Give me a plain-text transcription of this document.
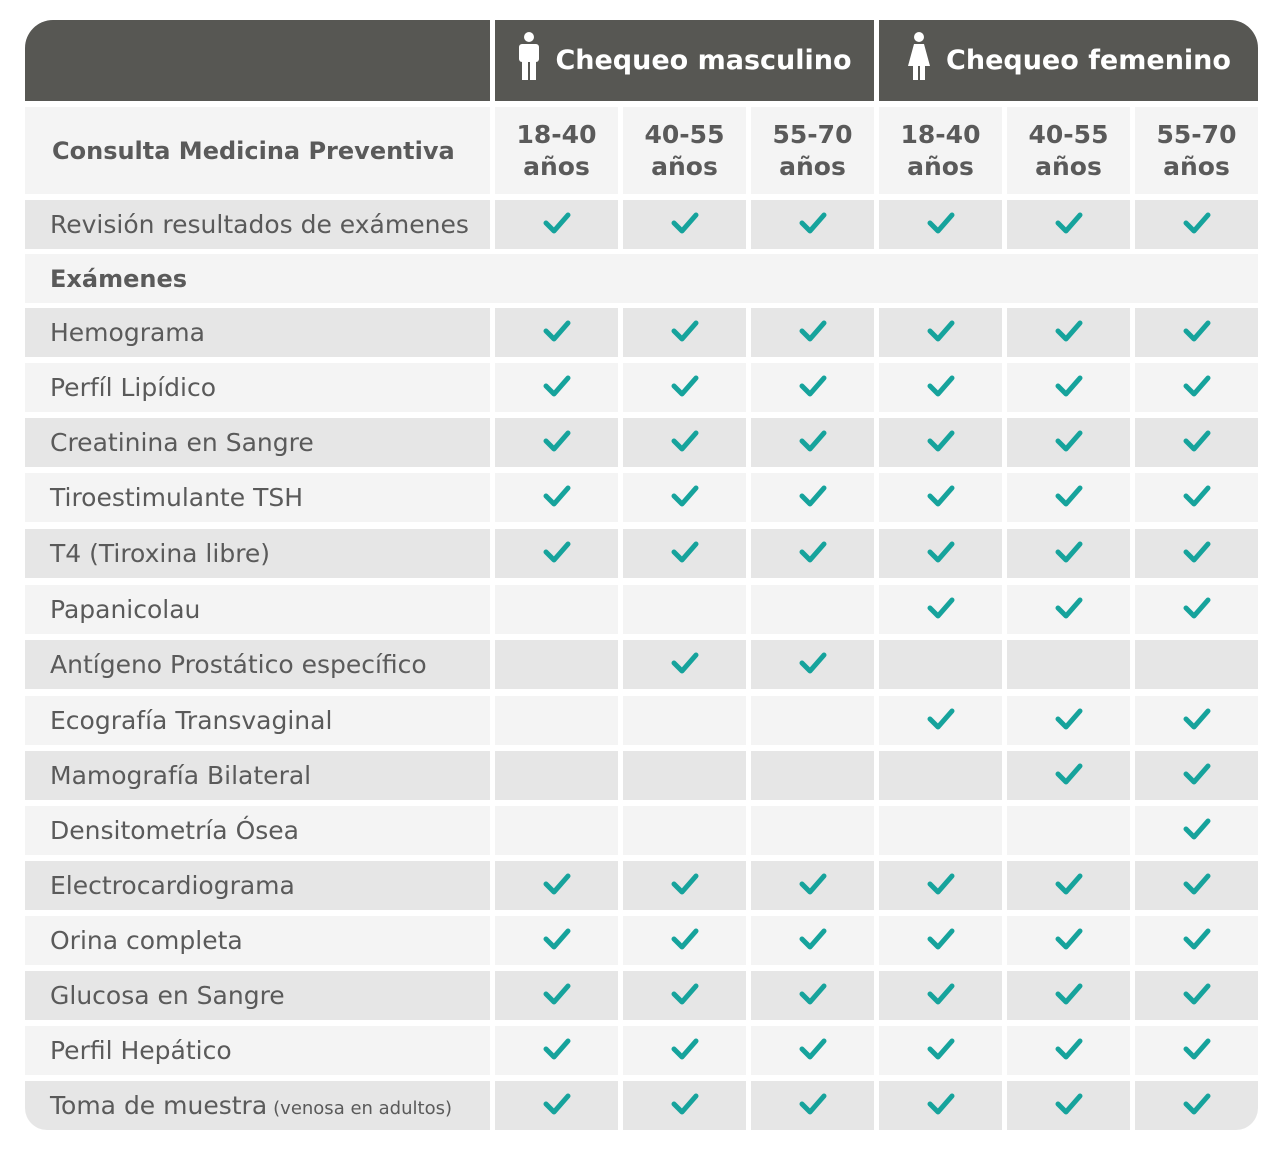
Chequeo masculino	Chequeo femenino
Consulta Medicina Preventiva
18-40
años
40-55
años
55-70
años
18-40
años
40-55
años
55-70
años
Revisión resultados de exámenes
Exámenes
Hemograma
Perfíl Lipídico
Creatinina en Sangre
Tiroestimulante TSH
T4 (Tiroxina libre)
Papanicolau
Antígeno Prostático específico
Ecografía Transvaginal
Mamografía Bilateral
Densitometría Ósea
Electrocardiograma
Orina completa
Glucosa en Sangre
Perfil Hepático
Toma de muestra (venosa en adultos)
